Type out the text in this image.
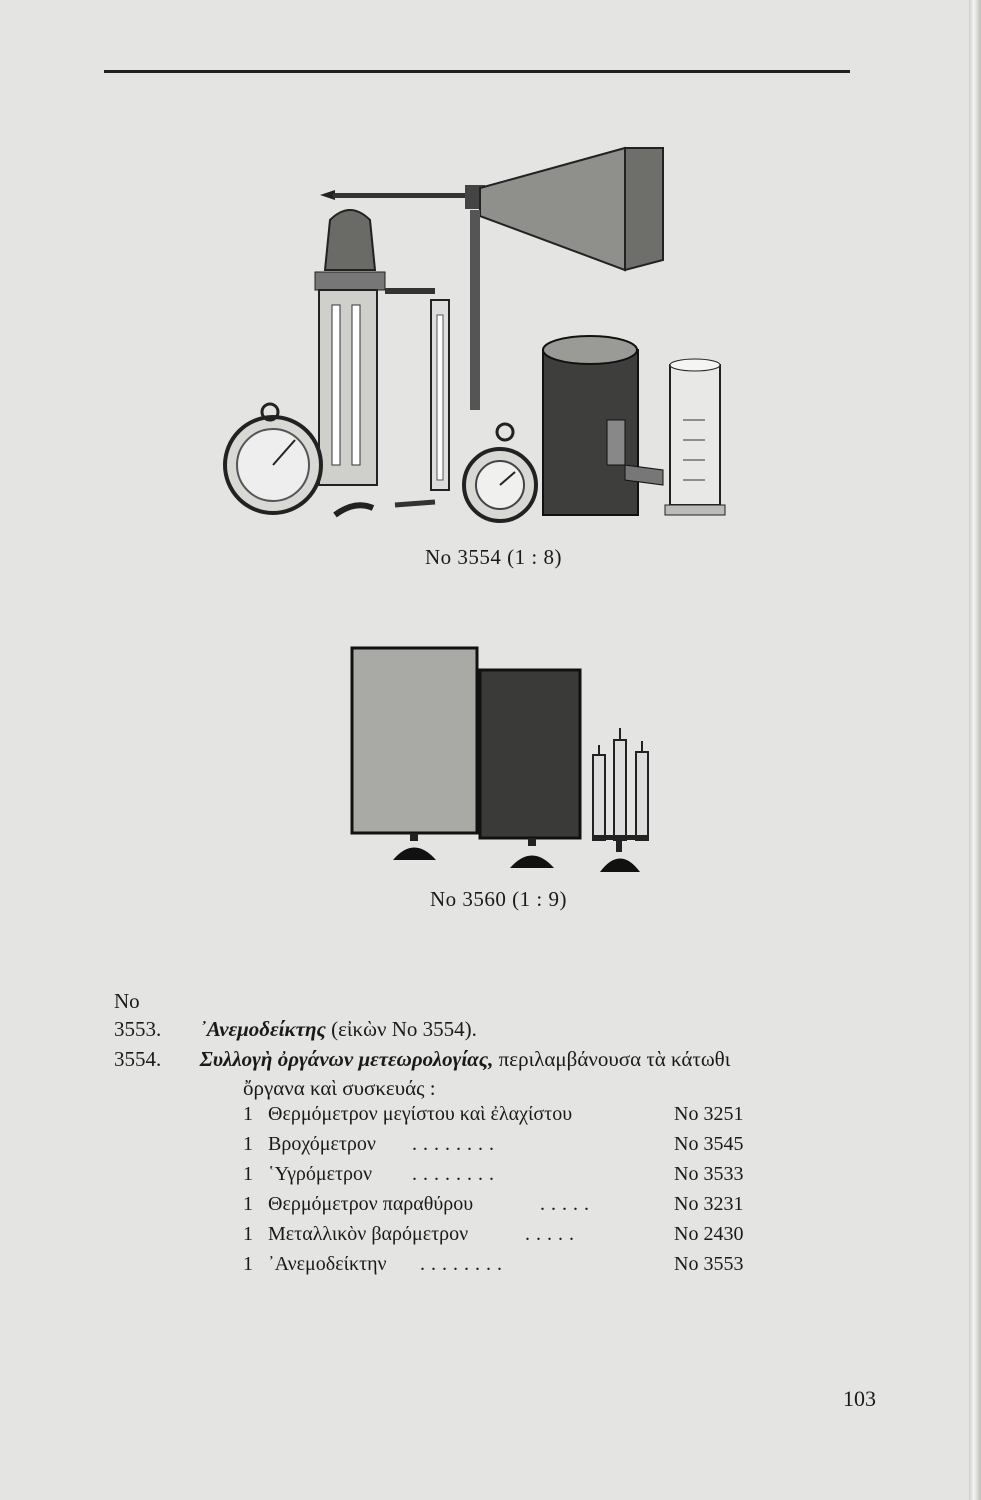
No 3554 (1 : 8)
No 3560 (1 : 9)
No
3553. ᾿Ανεμοδείκτης (εἰκὼν No 3554).
3554. Συλλογὴ ὀργάνων μετεωρολογίας, περιλαμβάνουσα τὰ κάτωθι
ὄργανα καὶ συσκευάς :
1 Θερμόμετρον μεγίστου καὶ ἐλαχίστου	No 3251
1 Βροχόμετρον ........	No 3545
1 ῾Υγρόμετρον ........	No 3533
1 Θερμόμετρον παραθύρου	.....	No 3231
1 Μεταλλικὸν βαρόμετρον	.....	No 2430
1 ᾿Ανεμοδείκτην ........	No 3553
103
